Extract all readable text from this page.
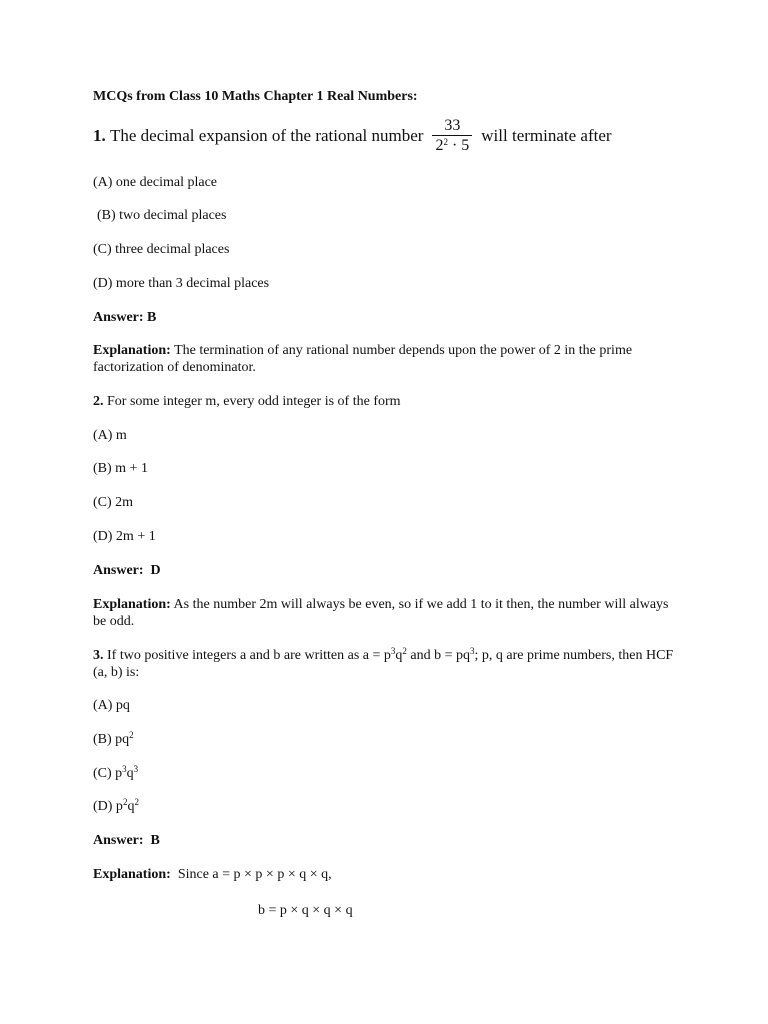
MCQs from Class 10 Maths Chapter 1 Real Numbers:
1.
The decimal expansion of the rational number $\frac{33}{2^2 \cdot 5}$ will terminate after
(A) one decimal place
(B) two decimal places
(C) three decimal places
(D) more than 3 decimal places
Answer: B
Explanation: The termination of any rational number depends upon the power of 2 in the prime factorization of denominator.
2. For some integer m, every odd integer is of the form
(A) m
(B) m + 1
(C) 2m
(D) 2m + 1
Answer: D
Explanation: As the number 2m will always be even, so if we add 1 to it then, the number will always be odd.
3. If two positive integers a and b are written as $a = p^3q^2$ and $b = pq^3$; p, q are prime numbers, then HCF (a, b) is:
(A) pq
(B) $pq^2$
(C) $p^3q^3$
(D) $p^2q^2$
Answer: B
Explanation: Since a = p × p × p × q × q,
b = p × q × q × q
